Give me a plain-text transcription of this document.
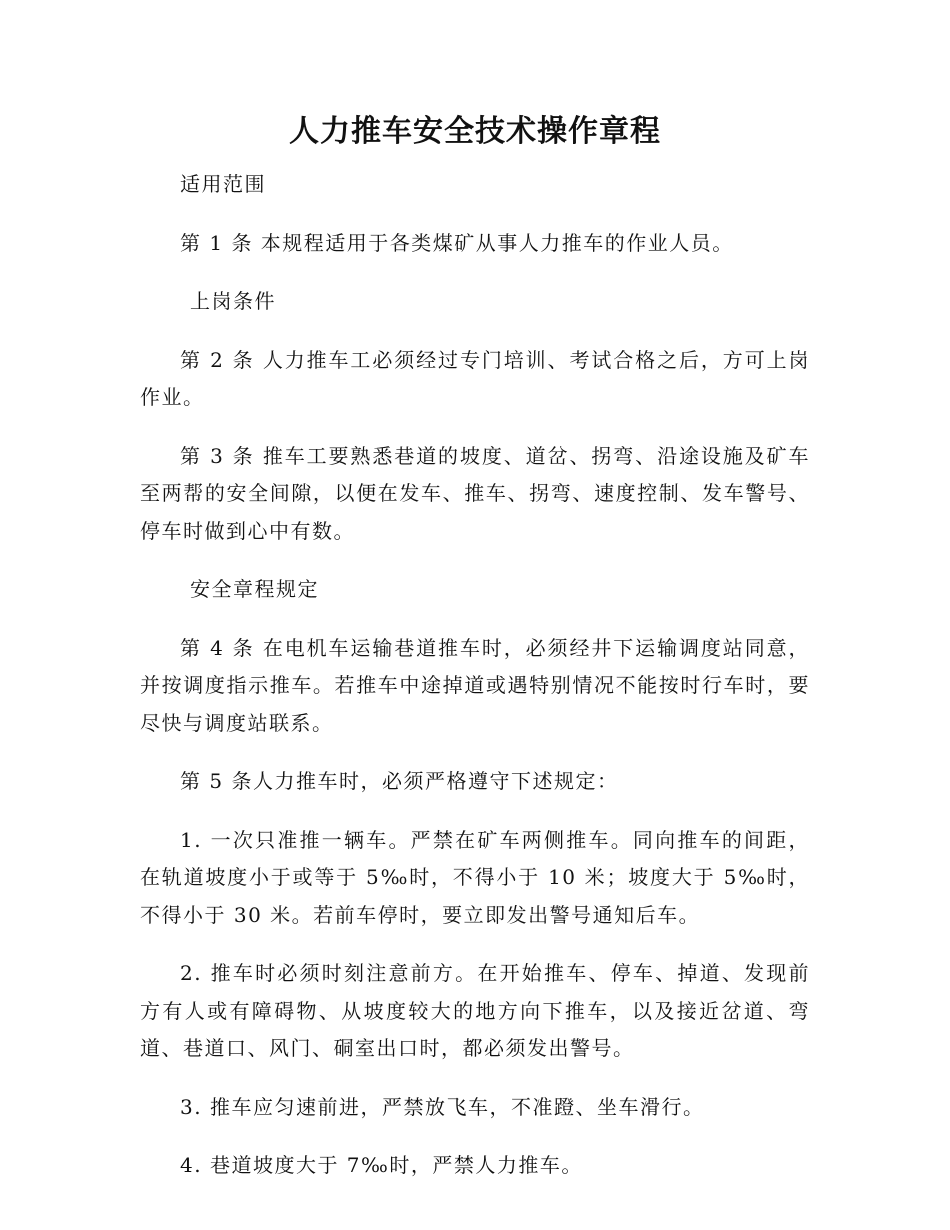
人力推车安全技术操作章程

适用范围

第 1 条 本规程适用于各类煤矿从事人力推车的作业人员。

上岗条件

第 2 条 人力推车工必须经过专门培训、考试合格之后，方可上岗作业。

第 3 条 推车工要熟悉巷道的坡度、道岔、拐弯、沿途设施及矿车至两帮的安全间隙，以便在发车、推车、拐弯、速度控制、发车警号、停车时做到心中有数。

安全章程规定

第 4 条 在电机车运输巷道推车时，必须经井下运输调度站同意，并按调度指示推车。若推车中途掉道或遇特别情况不能按时行车时，要尽快与调度站联系。

第 5 条人力推车时，必须严格遵守下述规定：

1. 一次只准推一辆车。严禁在矿车两侧推车。同向推车的间距，在轨道坡度小于或等于 5‰时，不得小于 10 米；坡度大于 5‰时，不得小于 30 米。若前车停时，要立即发出警号通知后车。

2. 推车时必须时刻注意前方。在开始推车、停车、掉道、发现前方有人或有障碍物、从坡度较大的地方向下推车，以及接近岔道、弯道、巷道口、风门、硐室出口时，都必须发出警号。

3. 推车应匀速前进，严禁放飞车，不准蹬、坐车滑行。

4. 巷道坡度大于 7‰时，严禁人力推车。
